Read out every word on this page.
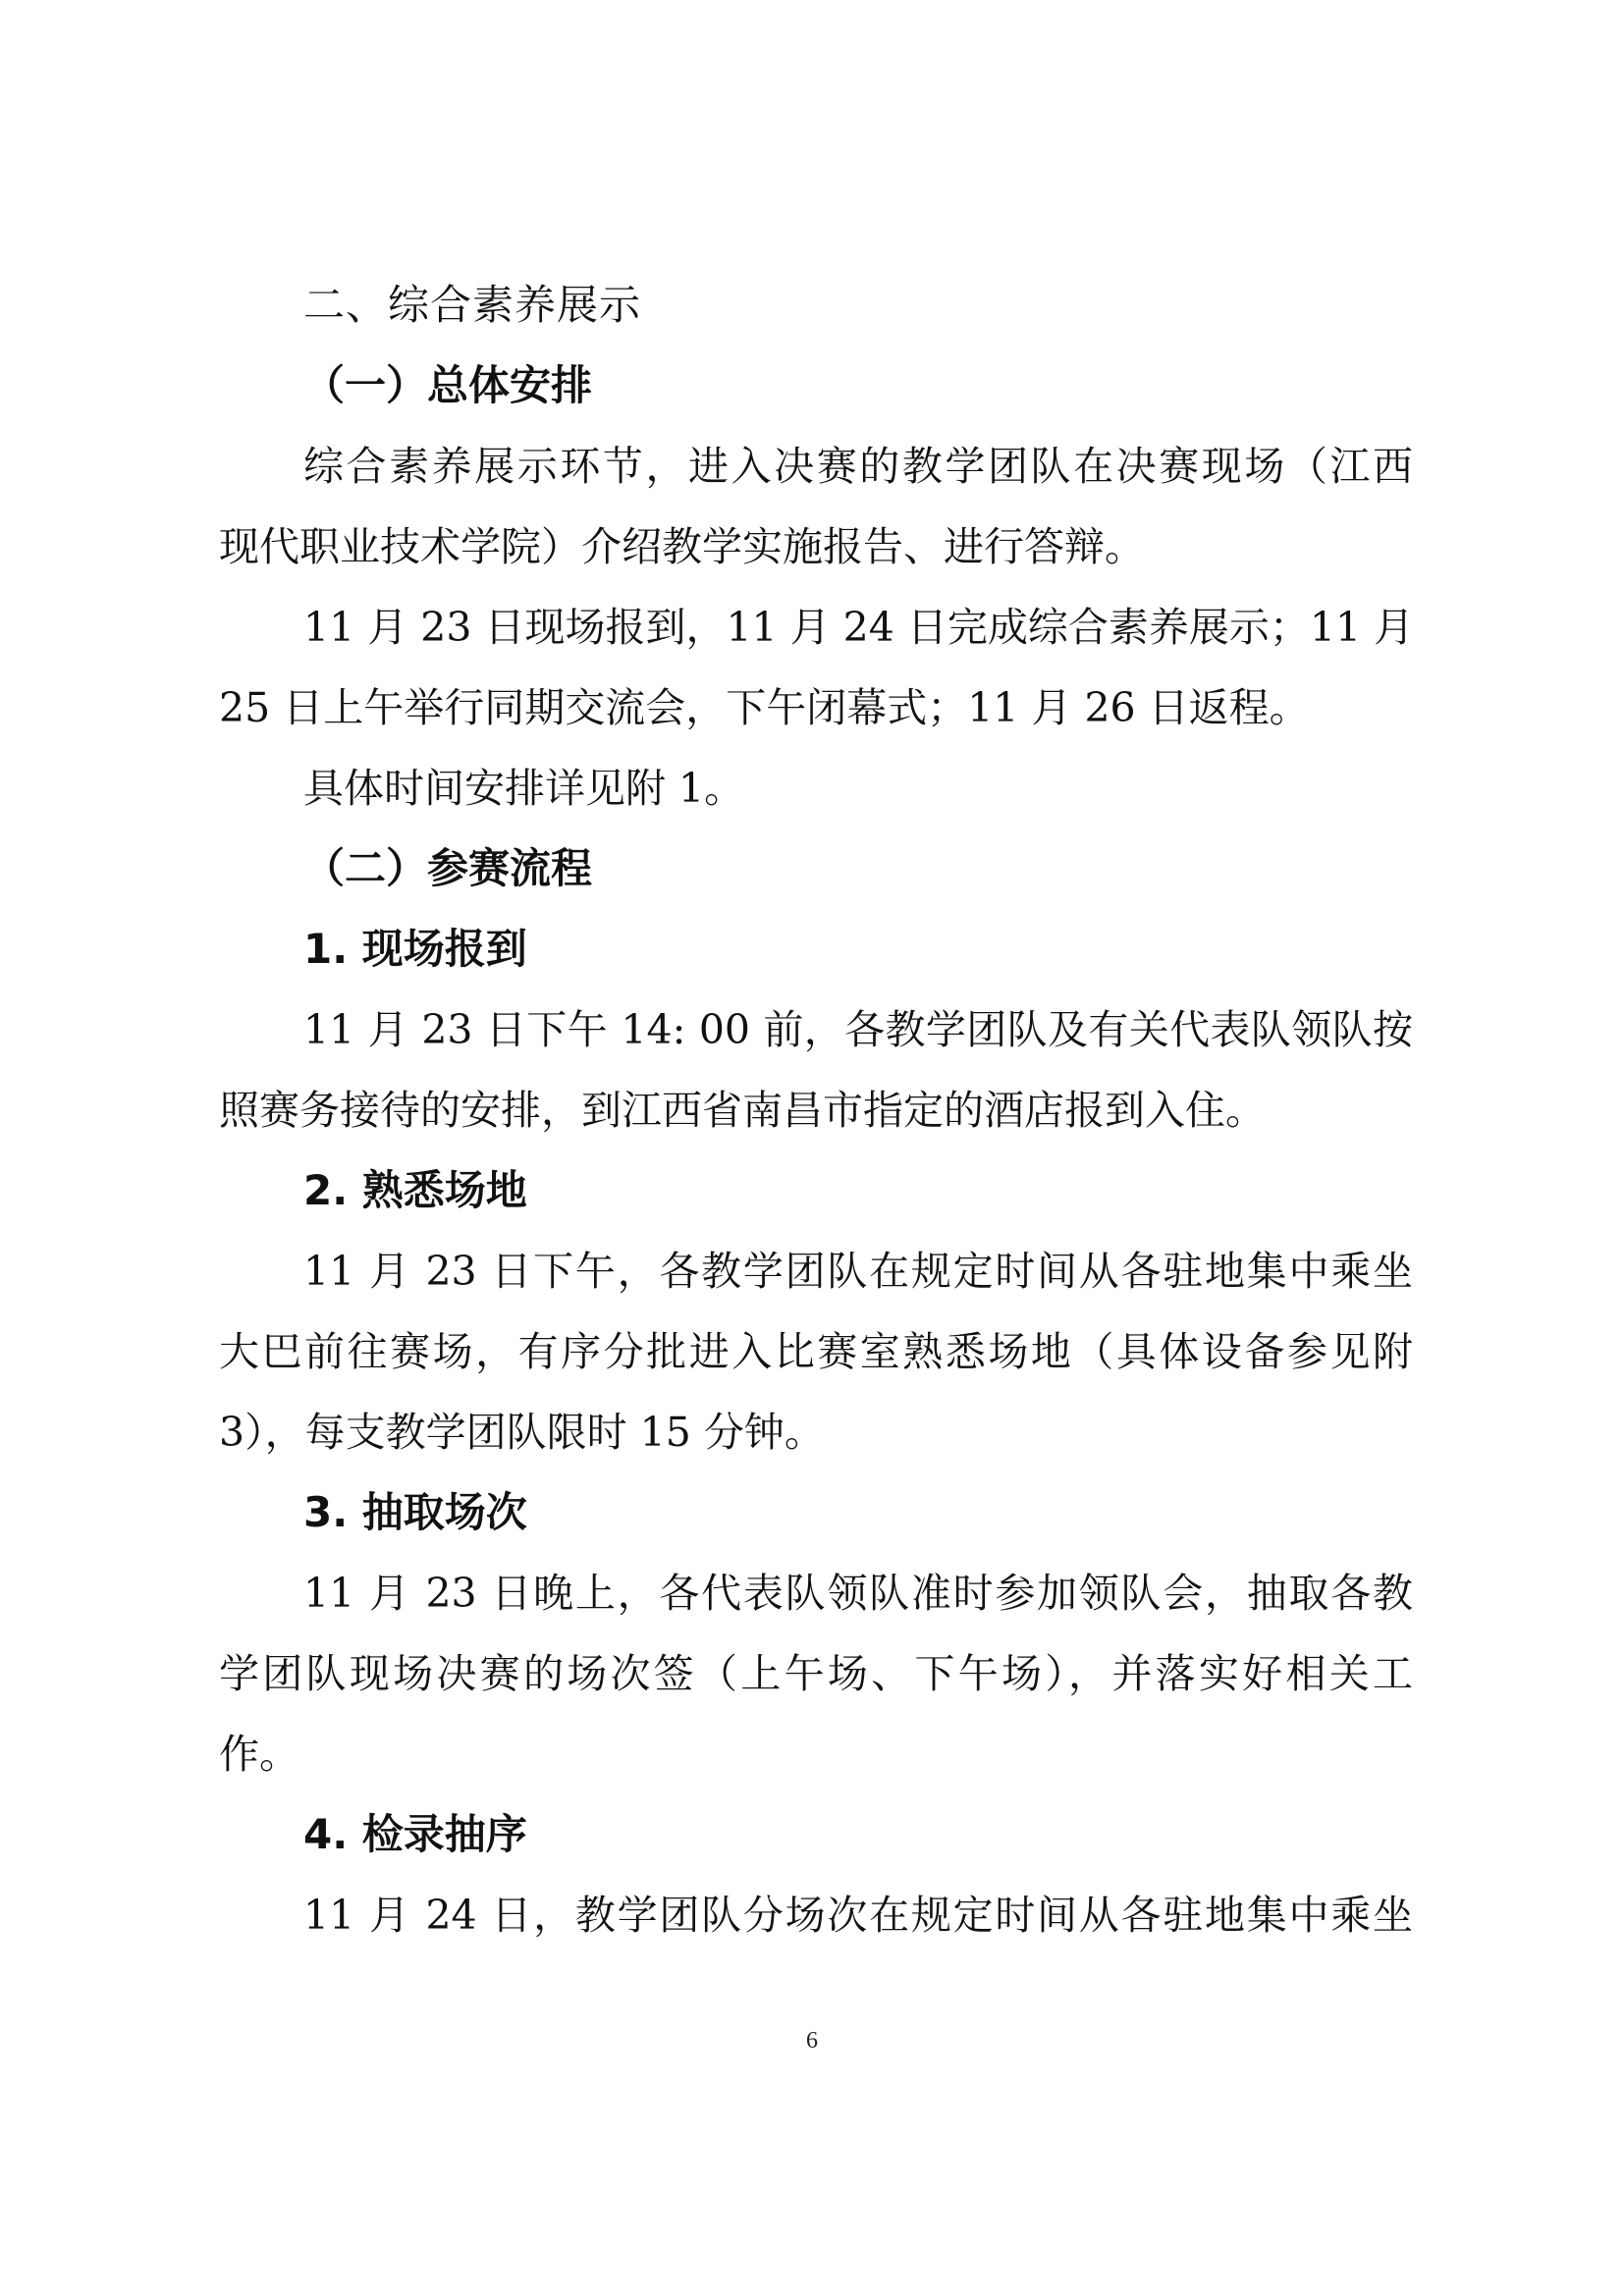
二、综合素养展示
（一）总体安排
综合素养展示环节，进入决赛的教学团队在决赛现场（江西
现代职业技术学院）介绍教学实施报告、进行答辩。
11 月 23 日现场报到，11 月 24 日完成综合素养展示；11 月
25 日上午举行同期交流会，下午闭幕式；11 月 26 日返程。
具体时间安排详见附 1。
（二）参赛流程
1. 现场报到
11 月 23 日下午 14: 00 前，各教学团队及有关代表队领队按
照赛务接待的安排，到江西省南昌市指定的酒店报到入住。
2. 熟悉场地
11 月 23 日下午，各教学团队在规定时间从各驻地集中乘坐
大巴前往赛场，有序分批进入比赛室熟悉场地（具体设备参见附
3），每支教学团队限时 15 分钟。
3. 抽取场次
11 月 23 日晚上，各代表队领队准时参加领队会，抽取各教
学团队现场决赛的场次签（上午场、下午场），并落实好相关工
作。
4. 检录抽序
11 月 24 日，教学团队分场次在规定时间从各驻地集中乘坐
6
